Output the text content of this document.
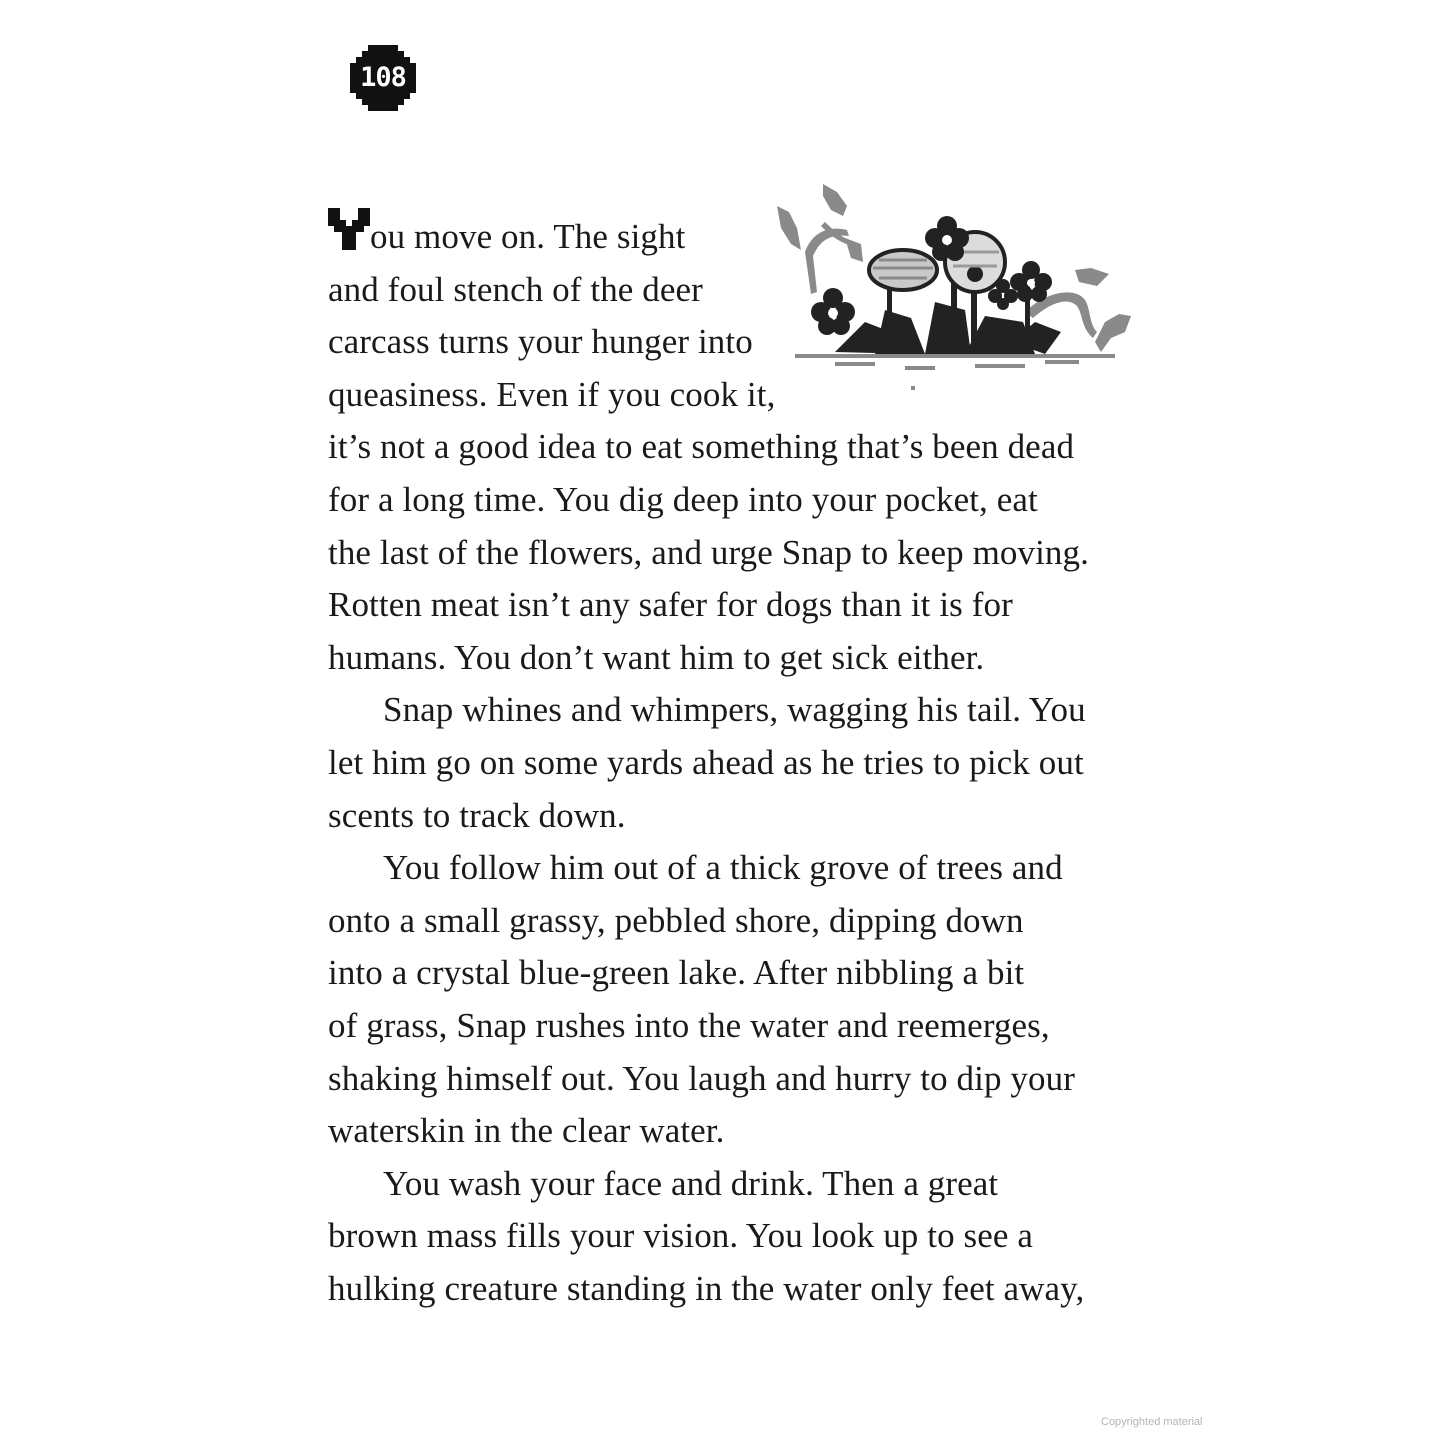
108
ou move on. The sight
and foul stench of the deer
carcass turns your hunger into
queasiness. Even if you cook it,
it’s not a good idea to eat something that’s been dead
for a long time. You dig deep into your pocket, eat
the last of the flowers, and urge Snap to keep moving.
Rotten meat isn’t any safer for dogs than it is for
humans. You don’t want him to get sick either.
Snap whines and whimpers, wagging his tail. You
let him go on some yards ahead as he tries to pick out
scents to track down.
You follow him out of a thick grove of trees and
onto a small grassy, pebbled shore, dipping down
into a crystal blue-green lake. After nibbling a bit
of grass, Snap rushes into the water and reemerges,
shaking himself out. You laugh and hurry to dip your
waterskin in the clear water.
You wash your face and drink. Then a great
brown mass fills your vision. You look up to see a
hulking creature standing in the water only feet away,
Copyrighted material
